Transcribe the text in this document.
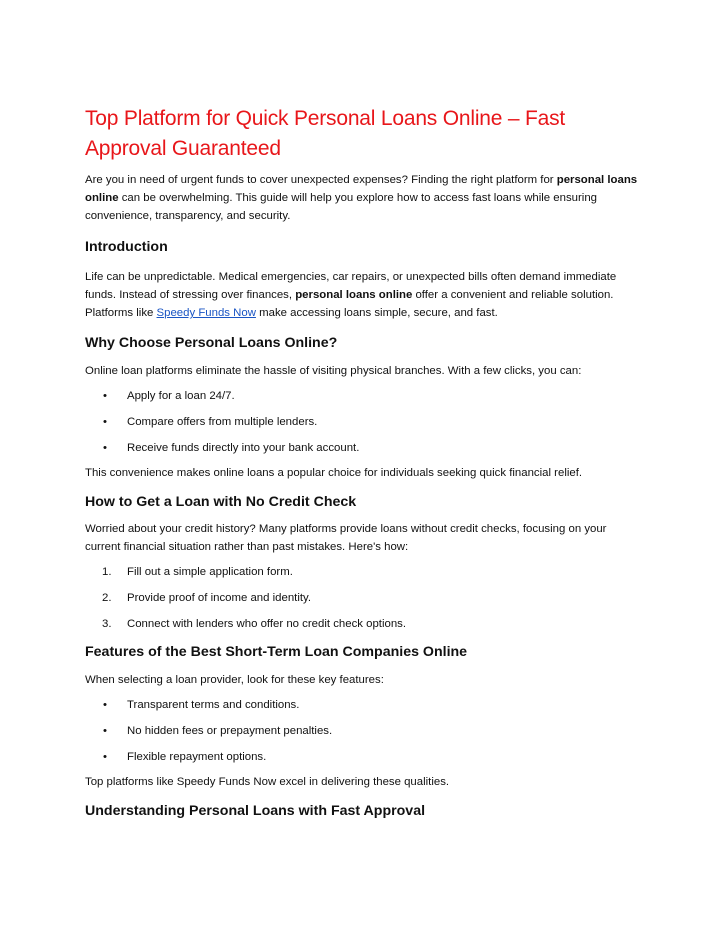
Top Platform for Quick Personal Loans Online – Fast Approval Guaranteed

Are you in need of urgent funds to cover unexpected expenses? Finding the right platform for personal loans online can be overwhelming. This guide will help you explore how to access fast loans while ensuring convenience, transparency, and security.

Introduction

Life can be unpredictable. Medical emergencies, car repairs, or unexpected bills often demand immediate funds. Instead of stressing over finances, personal loans online offer a convenient and reliable solution. Platforms like Speedy Funds Now make accessing loans simple, secure, and fast.

Why Choose Personal Loans Online?

Online loan platforms eliminate the hassle of visiting physical branches. With a few clicks, you can:

• Apply for a loan 24/7.
• Compare offers from multiple lenders.
• Receive funds directly into your bank account.

This convenience makes online loans a popular choice for individuals seeking quick financial relief.

How to Get a Loan with No Credit Check

Worried about your credit history? Many platforms provide loans without credit checks, focusing on your current financial situation rather than past mistakes. Here's how:

1. Fill out a simple application form.
2. Provide proof of income and identity.
3. Connect with lenders who offer no credit check options.
Features of the Best Short-Term Loan Companies Online

When selecting a loan provider, look for these key features:

• Transparent terms and conditions.
• No hidden fees or prepayment penalties.
• Flexible repayment options.

Top platforms like Speedy Funds Now excel in delivering these qualities.

Understanding Personal Loans with Fast Approval
